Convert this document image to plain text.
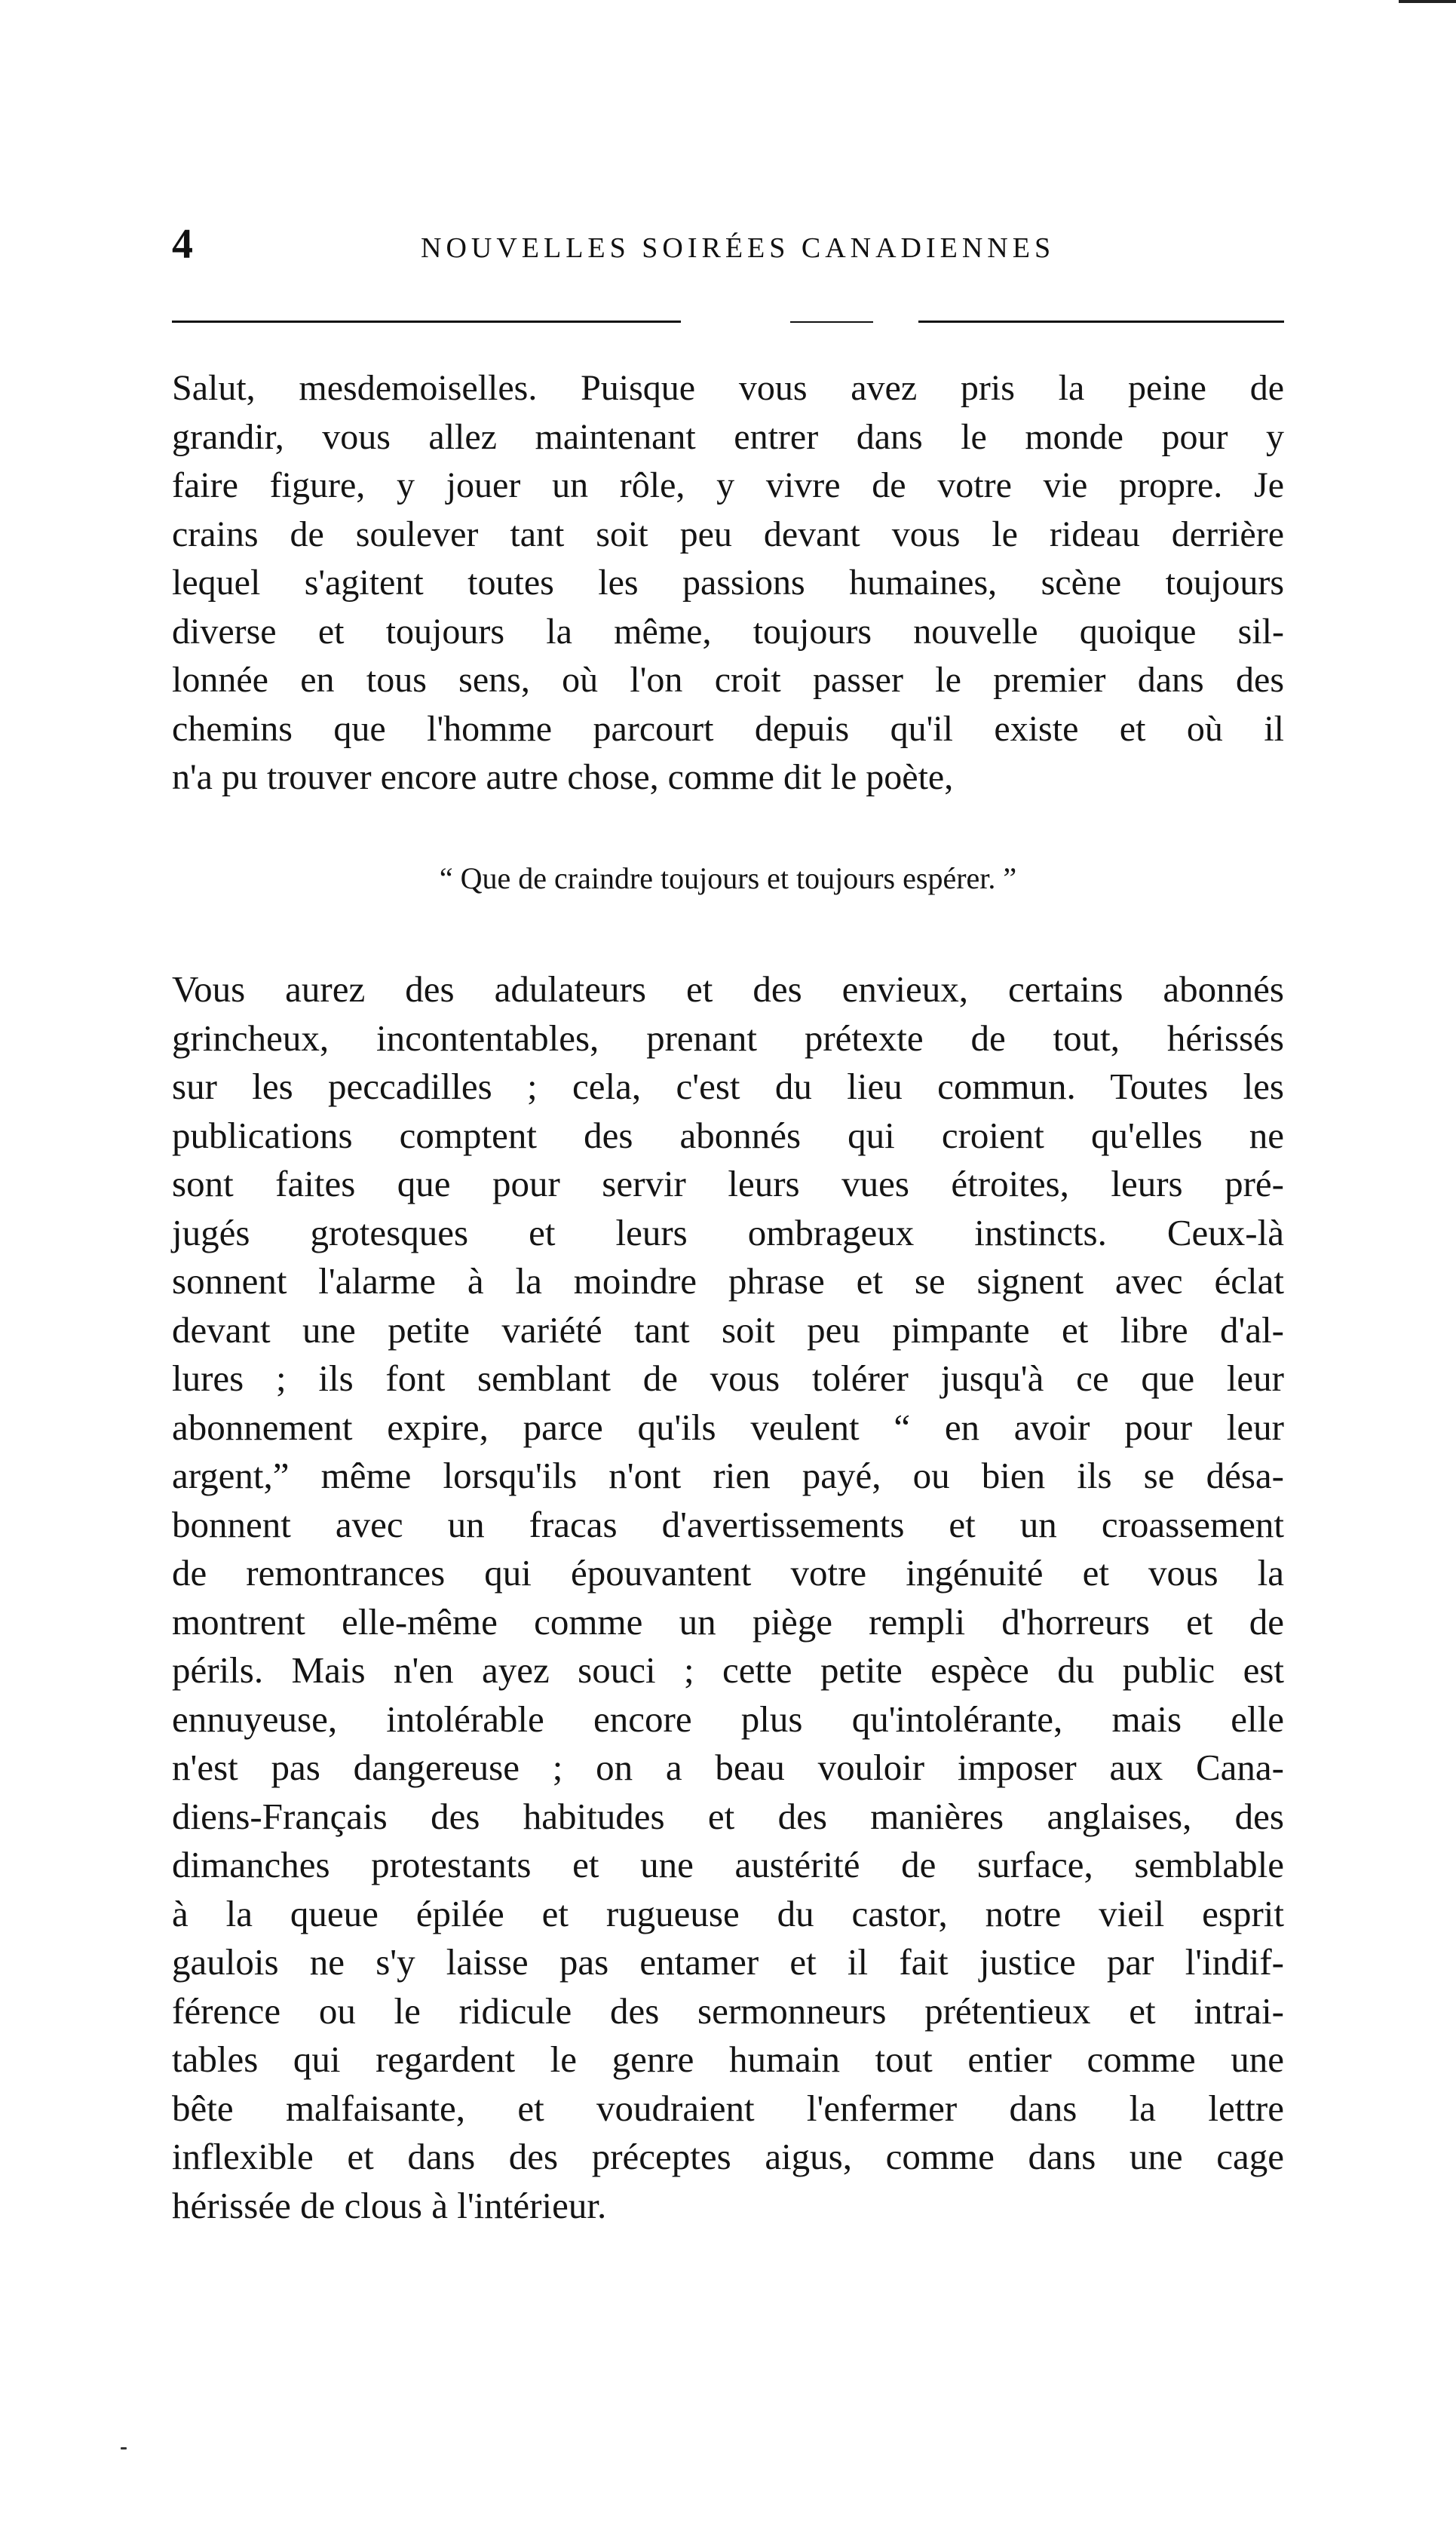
4	NOUVELLES SOIRÉES CANADIENNES
Salut, mesdemoiselles. Puisque vous avez pris la peine de
grandir, vous allez maintenant entrer dans le monde pour y
faire figure, y jouer un rôle, y vivre de votre vie propre. Je
crains de soulever tant soit peu devant vous le rideau derrière
lequel s'agitent toutes les passions humaines, scène toujours
diverse et toujours la même, toujours nouvelle quoique sil-
lonnée en tous sens, où l'on croit passer le premier dans des
chemins que l'homme parcourt depuis qu'il existe et où il
n'a pu trouver encore autre chose, comme dit le poète,
“ Que de craindre toujours et toujours espérer. ”
Vous aurez des adulateurs et des envieux, certains abonnés
grincheux, incontentables, prenant prétexte de tout, hérissés
sur les peccadilles ; cela, c'est du lieu commun. Toutes les
publications comptent des abonnés qui croient qu'elles ne
sont faites que pour servir leurs vues étroites, leurs pré-
jugés grotesques et leurs ombrageux instincts. Ceux-là
sonnent l'alarme à la moindre phrase et se signent avec éclat
devant une petite variété tant soit peu pimpante et libre d'al-
lures ; ils font semblant de vous tolérer jusqu'à ce que leur
abonnement expire, parce qu'ils veulent “ en avoir pour leur
argent,” même lorsqu'ils n'ont rien payé, ou bien ils se désa-
bonnent avec un fracas d'avertissements et un croassement
de remontrances qui épouvantent votre ingénuité et vous la
montrent elle-même comme un piège rempli d'horreurs et de
périls. Mais n'en ayez souci ; cette petite espèce du public est
ennuyeuse, intolérable encore plus qu'intolérante, mais elle
n'est pas dangereuse ; on a beau vouloir imposer aux Cana-
diens-Français des habitudes et des manières anglaises, des
dimanches protestants et une austérité de surface, semblable
à la queue épilée et rugueuse du castor, notre vieil esprit
gaulois ne s'y laisse pas entamer et il fait justice par l'indif-
férence ou le ridicule des sermonneurs prétentieux et intrai-
tables qui regardent le genre humain tout entier comme une
bête malfaisante, et voudraient l'enfermer dans la lettre
inflexible et dans des préceptes aigus, comme dans une cage
hérissée de clous à l'intérieur.
